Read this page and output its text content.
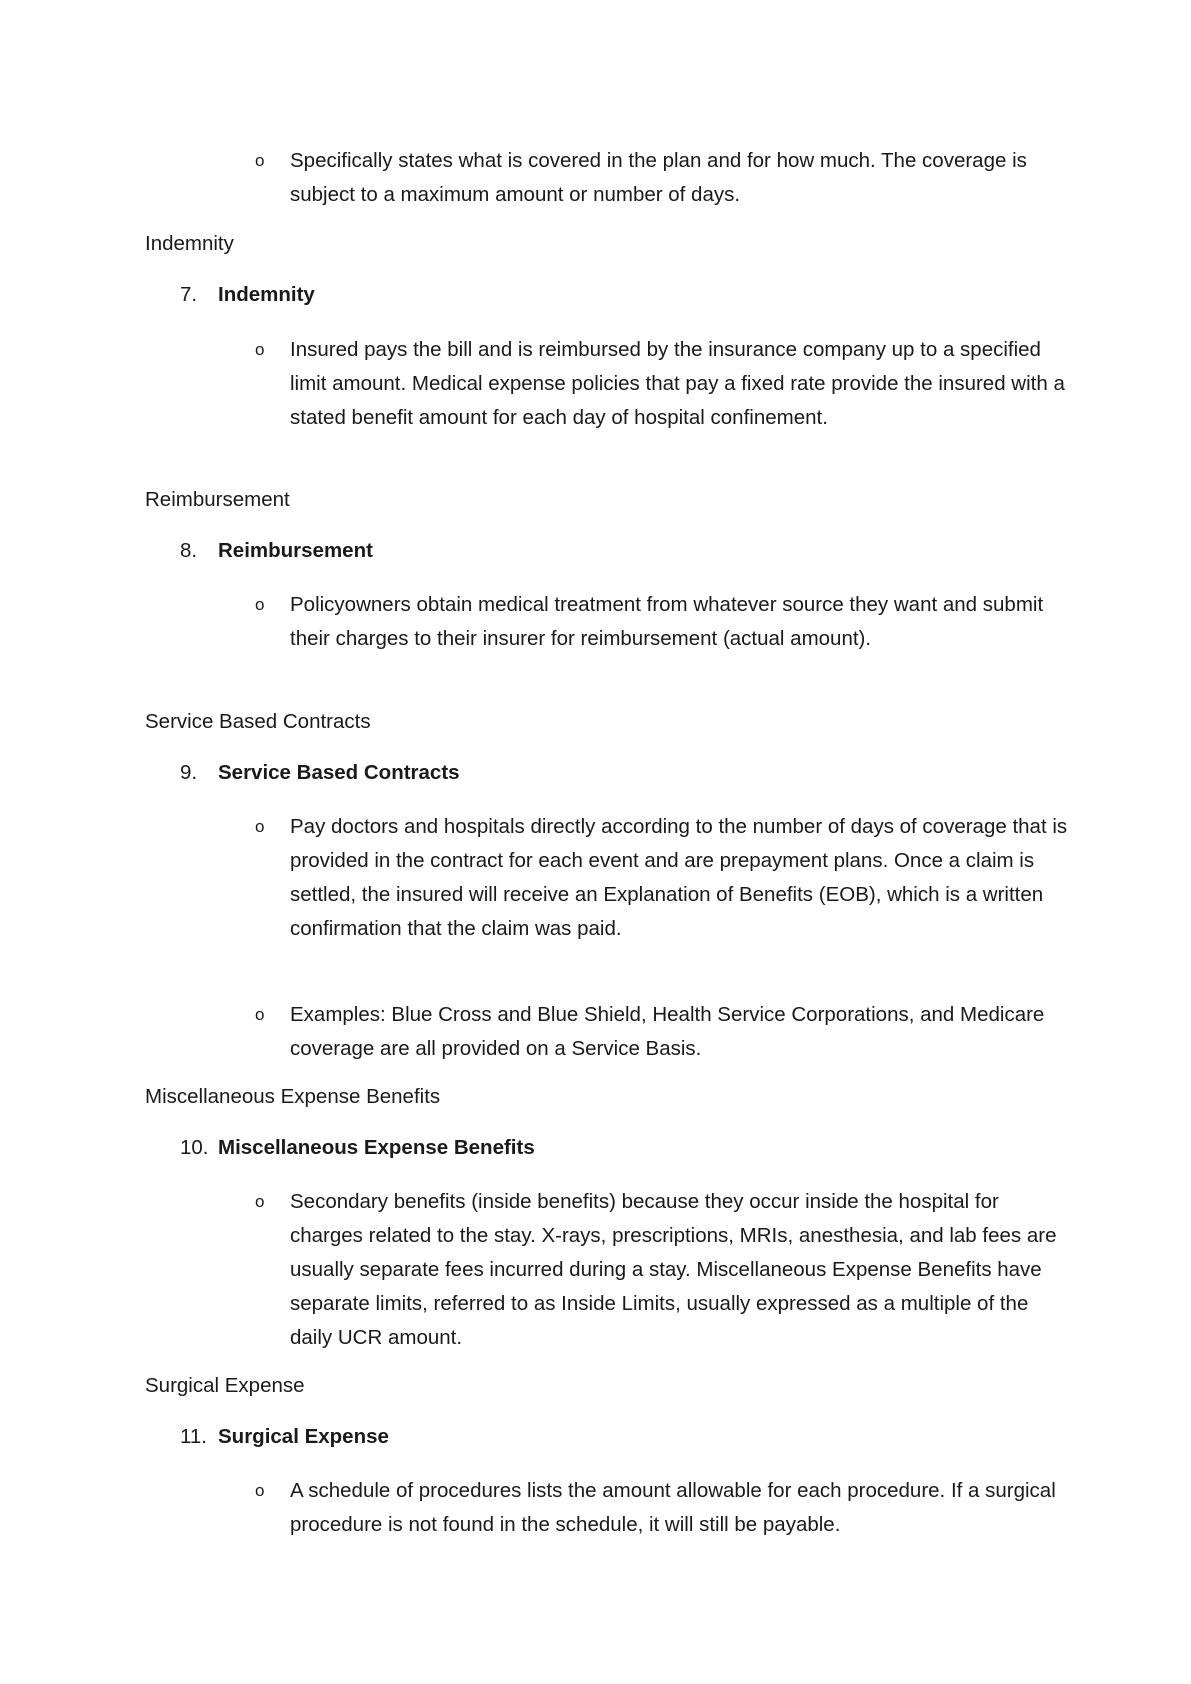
o Specifically states what is covered in the plan and for how much. The coverage is subject to a maximum amount or number of days.

Indemnity

7. Indemnity
o Insured pays the bill and is reimbursed by the insurance company up to a specified limit amount. Medical expense policies that pay a fixed rate provide the insured with a stated benefit amount for each day of hospital confinement.

Reimbursement

8. Reimbursement
o Policyowners obtain medical treatment from whatever source they want and submit their charges to their insurer for reimbursement (actual amount).

Service Based Contracts

9. Service Based Contracts
o Pay doctors and hospitals directly according to the number of days of coverage that is provided in the contract for each event and are prepayment plans. Once a claim is settled, the insured will receive an Explanation of Benefits (EOB), which is a written confirmation that the claim was paid.
o Examples: Blue Cross and Blue Shield, Health Service Corporations, and Medicare coverage are all provided on a Service Basis.

Miscellaneous Expense Benefits

10. Miscellaneous Expense Benefits
o Secondary benefits (inside benefits) because they occur inside the hospital for charges related to the stay. X-rays, prescriptions, MRIs, anesthesia, and lab fees are usually separate fees incurred during a stay. Miscellaneous Expense Benefits have separate limits, referred to as Inside Limits, usually expressed as a multiple of the daily UCR amount.

Surgical Expense

11. Surgical Expense
o A schedule of procedures lists the amount allowable for each procedure. If a surgical procedure is not found in the schedule, it will still be payable.
